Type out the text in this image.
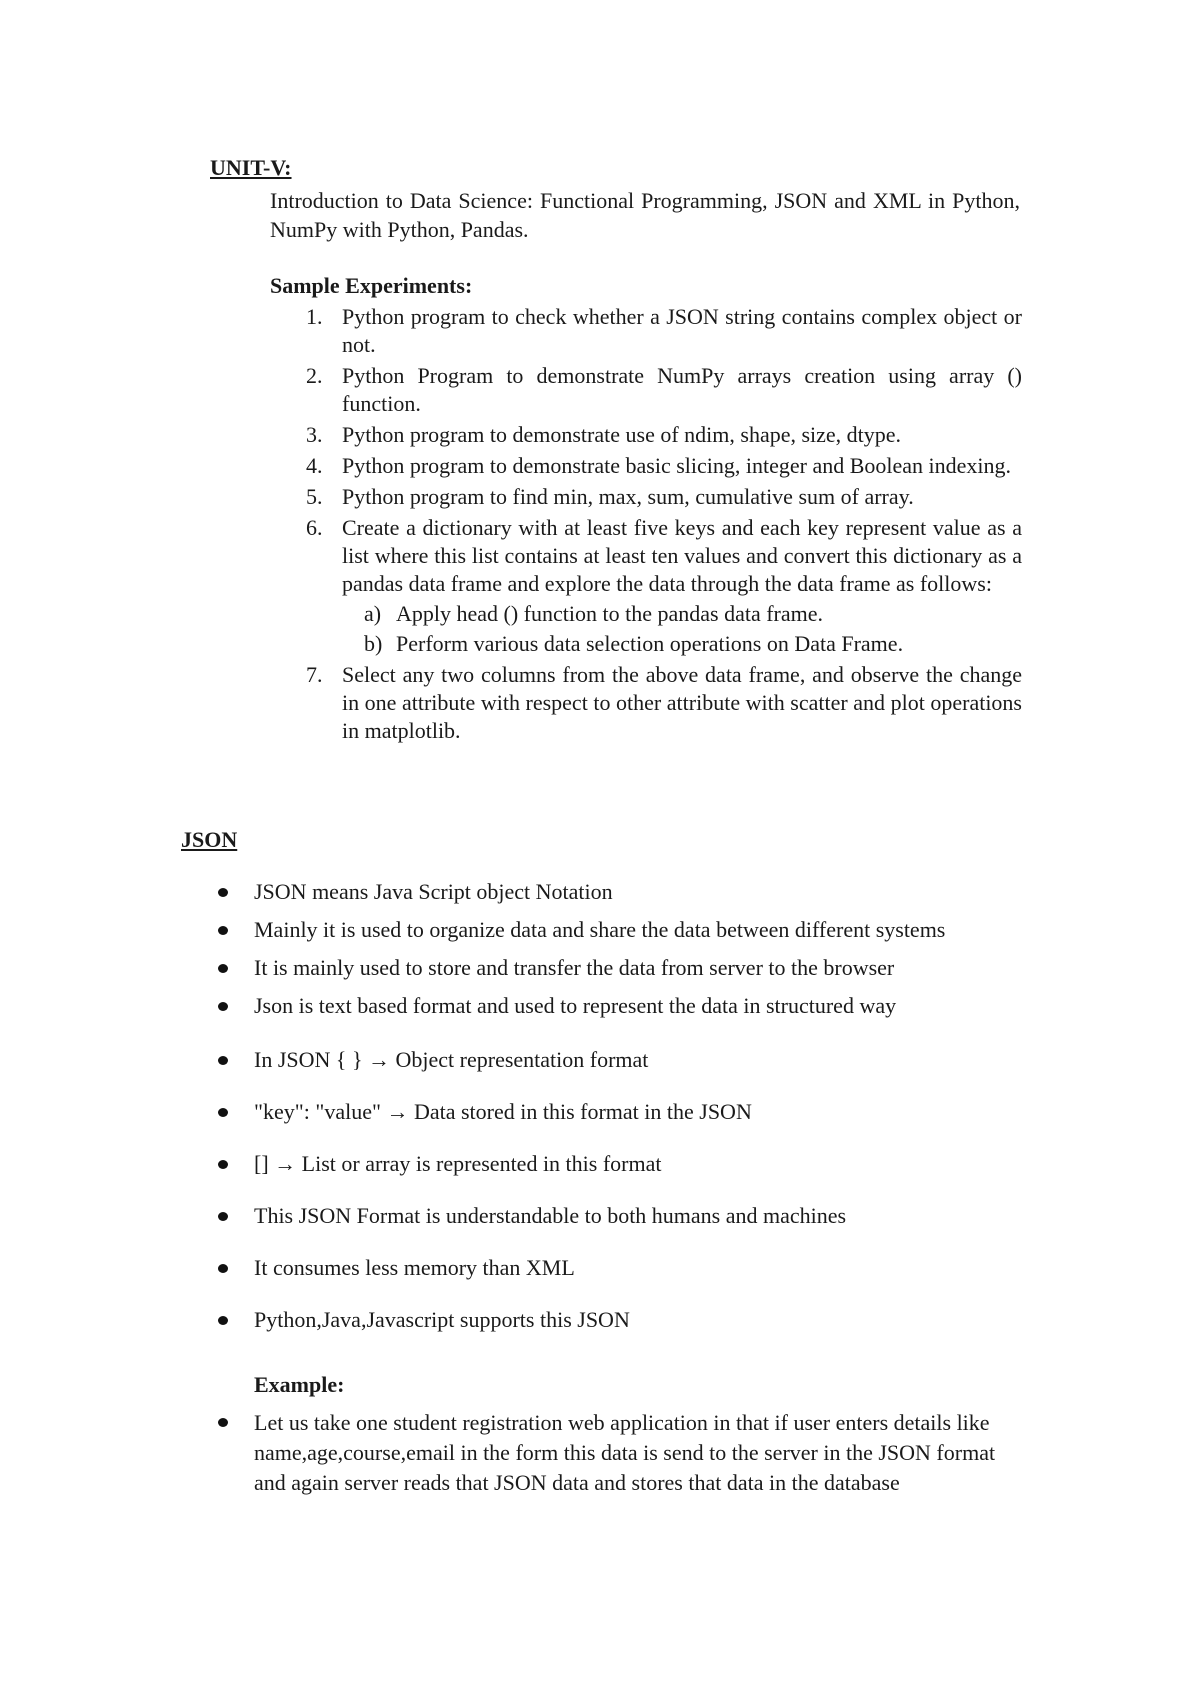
UNIT-V:
Introduction to Data Science: Functional Programming, JSON and XML in Python, NumPy with Python, Pandas.
Sample Experiments:
1. Python program to check whether a JSON string contains complex object or not.
2. Python Program to demonstrate NumPy arrays creation using array () function.
3. Python program to demonstrate use of ndim, shape, size, dtype.
4. Python program to demonstrate basic slicing, integer and Boolean indexing.
5. Python program to find min, max, sum, cumulative sum of array.
6. Create a dictionary with at least five keys and each key represent value as a list where this list contains at least ten values and convert this dictionary as a pandas data frame and explore the data through the data frame as follows:
a) Apply head () function to the pandas data frame.
b) Perform various data selection operations on Data Frame.
7. Select any two columns from the above data frame, and observe the change in one attribute with respect to other attribute with scatter and plot operations in matplotlib.
JSON
JSON means Java Script object Notation
Mainly it is used to organize data and share the data between different systems
It is mainly used to store and transfer the data from server to the browser
Json is text based format and used to represent the data in structured way
In JSON { } → Object representation format
"key": "value" → Data stored in this format in the JSON
[] → List or array is represented in this format
This JSON Format is understandable to both humans and machines
It consumes less memory than XML
Python,Java,Javascript supports this JSON
Example:
Let us take one student registration web application in that if user enters details like name,age,course,email in the form this data is send to the server in the JSON format and again server reads that JSON data and stores that data in the database
